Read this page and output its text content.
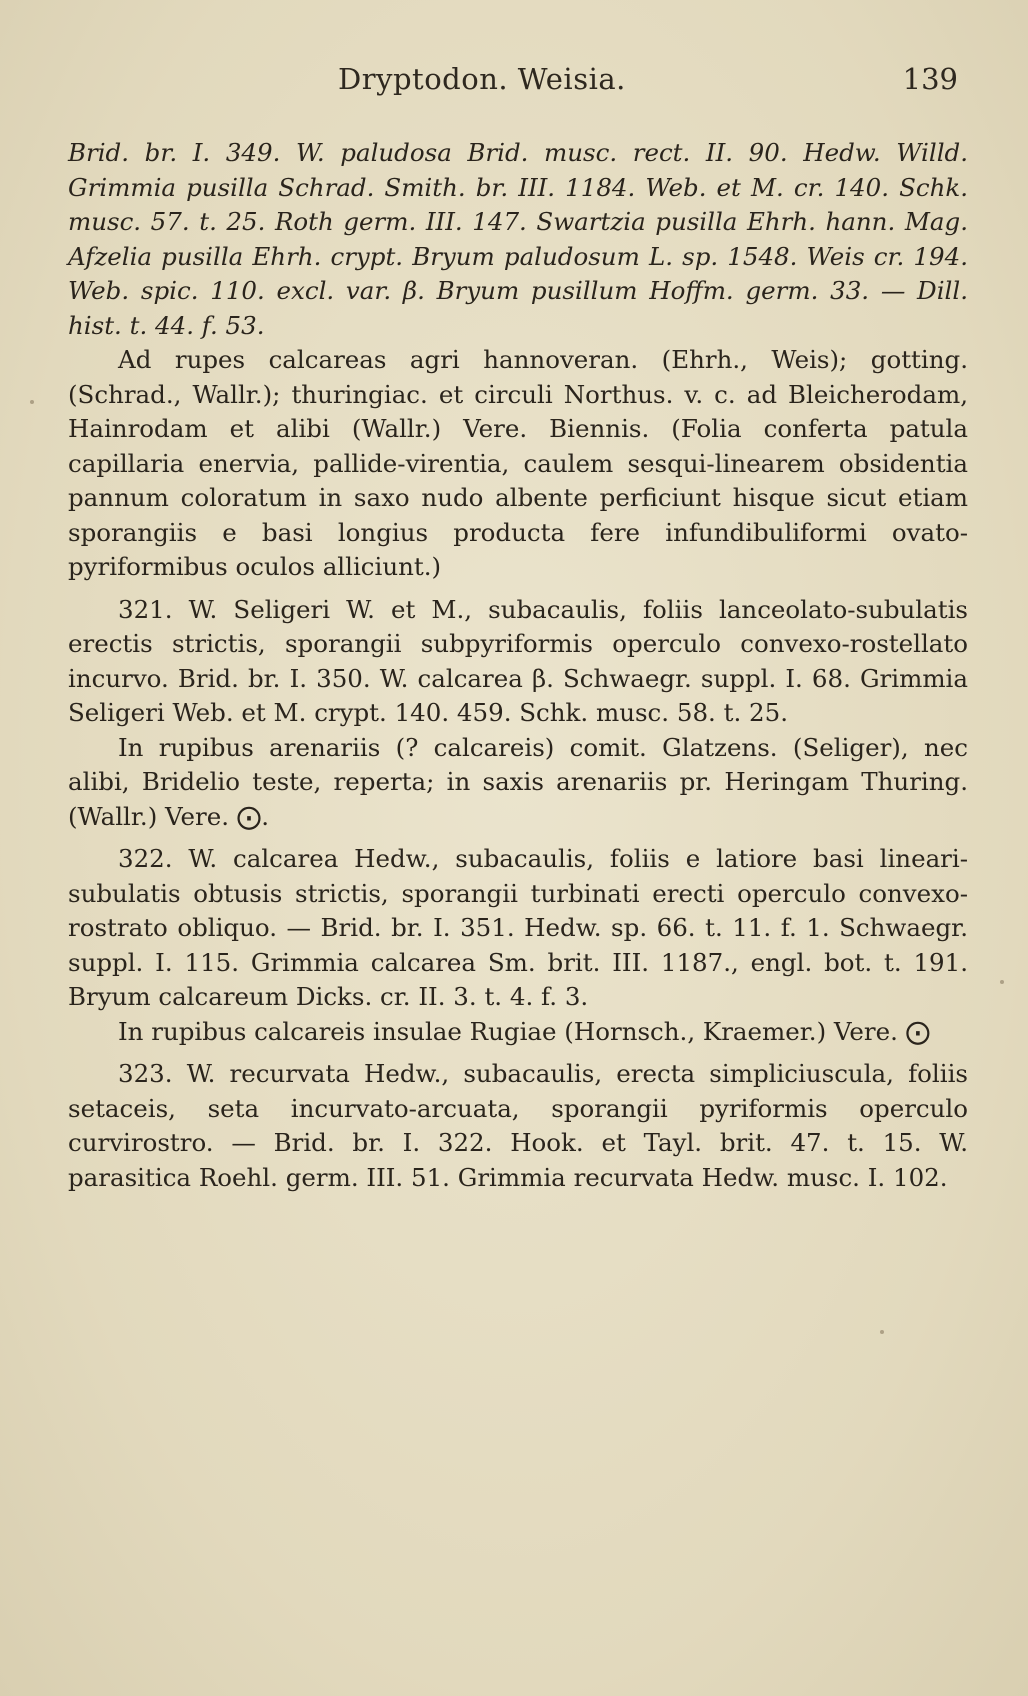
Dryptodon. Weisia.	139

Brid. br. I. 349. W. paludosa Brid. musc. rect. II. 90. Hedw. Willd. Grimmia pusilla Schrad. Smith. br. III. 1184. Web. et M. cr. 140. Schk. musc. 57. t. 25. Roth germ. III. 147. Swartzia pusilla Ehrh. hann. Mag. Afzelia pusilla Ehrh. crypt. Bryum paludosum L. sp. 1548. Weis cr. 194. Web. spic. 110. excl. var. β. Bryum pusillum Hoffm. germ. 33. — Dill. hist. t. 44. f. 53.

Ad rupes calcareas agri hannoveran. (Ehrh., Weis); gotting. (Schrad., Wallr.); thuringiac. et circuli Northus. v. c. ad Bleicherodam, Hainrodam et alibi (Wallr.) Vere. Biennis. (Folia conferta patula capillaria enervia, pallide-virentia, caulem sesqui-linearem obsidentia pannum coloratum in saxo nudo albente perficiunt hisque sicut etiam sporangiis e basi longius producta fere infundibuliformi ovato-pyriformibus oculos alliciunt.)

321. W. Seligeri W. et M., subacaulis, foliis lanceolato-subulatis erectis strictis, sporangii subpyriformis operculo convexo-rostellato incurvo. Brid. br. I. 350. W. calcarea β. Schwaegr. suppl. I. 68. Grimmia Seligeri Web. et M. crypt. 140. 459. Schk. musc. 58. t. 25.

In rupibus arenariis (? calcareis) comit. Glatzens. (Seliger), nec alibi, Bridelio teste, reperta; in saxis arenariis pr. Heringam Thuring. (Wallr.) Vere. ⨀.

322. W. calcarea Hedw., subacaulis, foliis e latiore basi lineari-subulatis obtusis strictis, sporangii turbinati erecti operculo convexo-rostrato obliquo. — Brid. br. I. 351. Hedw. sp. 66. t. 11. f. 1. Schwaegr. suppl. I. 115. Grimmia calcarea Sm. brit. III. 1187., engl. bot. t. 191. Bryum calcareum Dicks. cr. II. 3. t. 4. f. 3.

In rupibus calcareis insulae Rugiae (Hornsch., Kraemer.) Vere. ⨀

323. W. recurvata Hedw., subacaulis, erecta simpliciuscula, foliis setaceis, seta incurvato-arcuata, sporangii pyriformis operculo curvirostro. — Brid. br. I. 322. Hook. et Tayl. brit. 47. t. 15. W. parasitica Roehl. germ. III. 51. Grimmia recurvata Hedw. musc. I. 102.
